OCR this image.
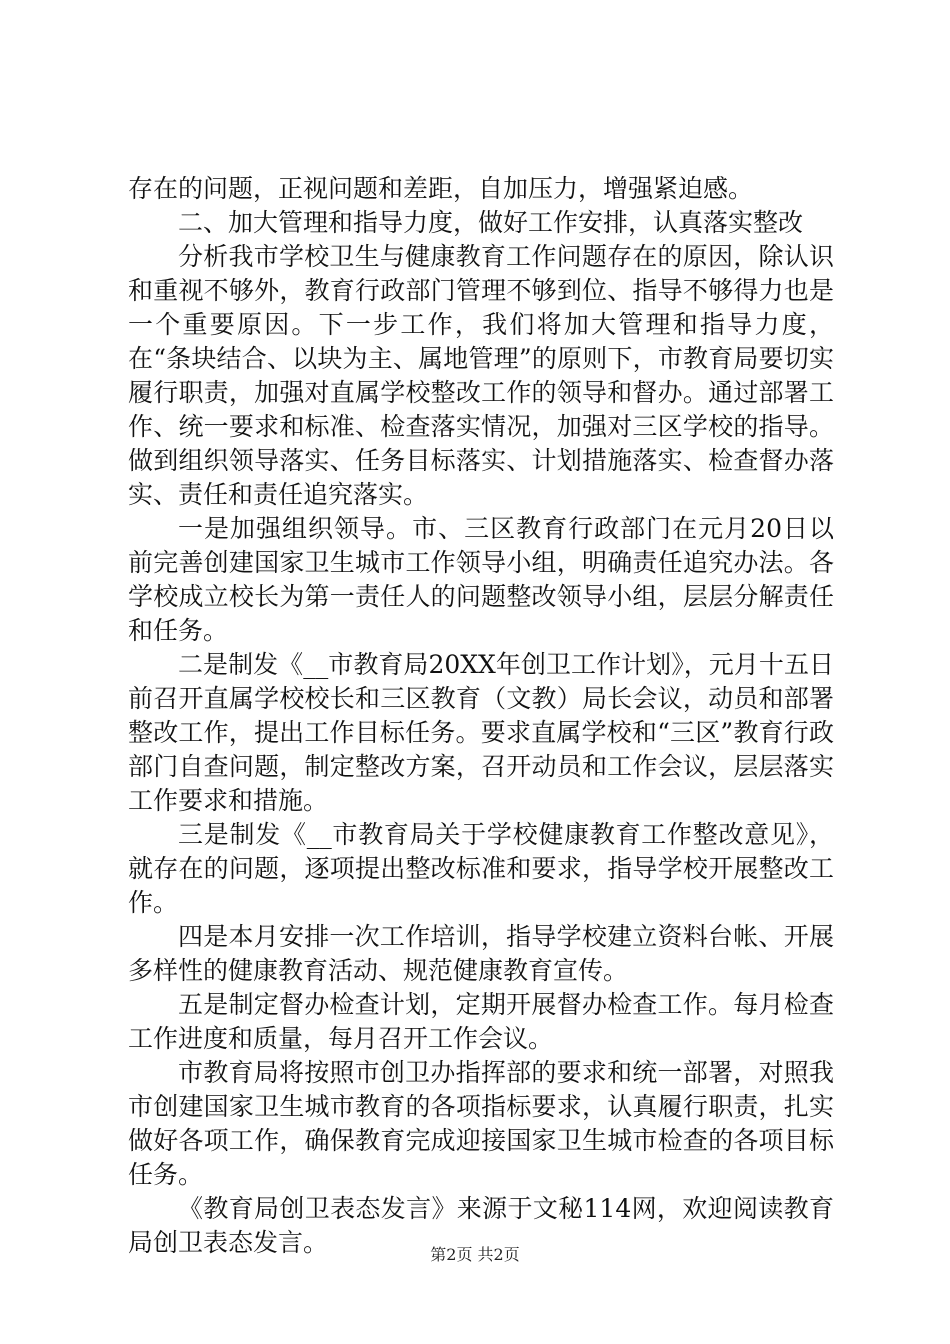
存在的问题，正视问题和差距，自加压力，增强紧迫感。

二、加大管理和指导力度，做好工作安排，认真落实整改

分析我市学校卫生与健康教育工作问题存在的原因，除认识和重视不够外，教育行政部门管理不够到位、指导不够得力也是一个重要原因。下一步工作，我们将加大管理和指导力度，在“条块结合、以块为主、属地管理”的原则下，市教育局要切实履行职责，加强对直属学校整改工作的领导和督办。通过部署工作、统一要求和标准、检查落实情况，加强对三区学校的指导。做到组织领导落实、任务目标落实、计划措施落实、检查督办落实、责任和责任追究落实。

一是加强组织领导。市、三区教育行政部门在元月20日以前完善创建国家卫生城市工作领导小组，明确责任追究办法。各学校成立校长为第一责任人的问题整改领导小组，层层分解责任和任务。

二是制发《__市教育局20XX年创卫工作计划》，元月十五日前召开直属学校校长和三区教育（文教）局长会议，动员和部署整改工作，提出工作目标任务。要求直属学校和“三区”教育行政部门自查问题，制定整改方案，召开动员和工作会议，层层落实工作要求和措施。

三是制发《__市教育局关于学校健康教育工作整改意见》，就存在的问题，逐项提出整改标准和要求，指导学校开展整改工作。

四是本月安排一次工作培训，指导学校建立资料台帐、开展多样性的健康教育活动、规范健康教育宣传。

五是制定督办检查计划，定期开展督办检查工作。每月检查工作进度和质量，每月召开工作会议。

市教育局将按照市创卫办指挥部的要求和统一部署，对照我市创建国家卫生城市教育的各项指标要求，认真履行职责，扎实做好各项工作，确保教育完成迎接国家卫生城市检查的各项目标任务。

《教育局创卫表态发言》来源于文秘114网，欢迎阅读教育局创卫表态发言。	第2页 共2页
